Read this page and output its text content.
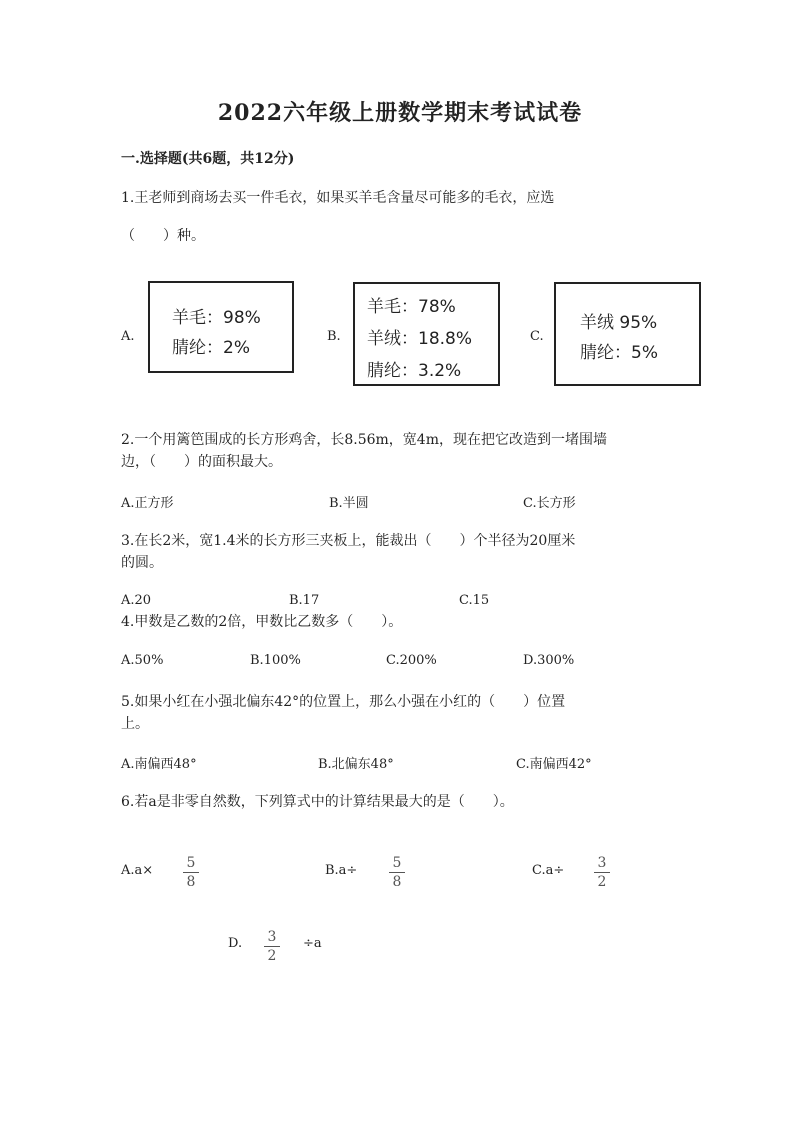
2022六年级上册数学期末考试试卷
一.选择题(共6题，共12分)
1.王老师到商场去买一件毛衣，如果买羊毛含量尽可能多的毛衣，应选
（　　）种。
A.
羊毛：98%
腈纶：2%
B.
羊毛：78%
羊绒：18.8%
腈纶：3.2%
C.
羊绒 95%
腈纶：5%
2.一个用篱笆围成的长方形鸡舍，长8.56m，宽4m，现在把它改造到一堵围墙
边，（　　）的面积最大。
A.正方形	B.半圆	C.长方形
3.在长2米，宽1.4米的长方形三夹板上，能裁出（　　）个半径为20厘米
的圆。
A.20	B.17	C.15
4.甲数是乙数的2倍，甲数比乙数多（　　）。
A.50%	B.100%	C.200%	D.300%
5.如果小红在小强北偏东42°的位置上，那么小强在小红的（　　）位置
上。
A.南偏西48°	B.北偏东48°	C.南偏西42°
6.若a是非零自然数，下列算式中的计算结果最大的是（　　）。
A.a× 5
8
B.a÷	5
8
C.a÷ 3
2
D. 3
2
÷a
